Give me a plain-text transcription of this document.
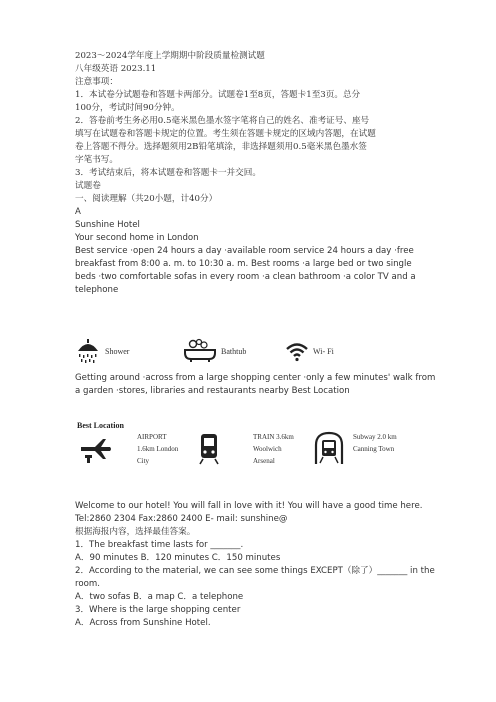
2023～2024学年度上学期期中阶段质量检测试题
八年级英语 2023.11
注意事项：
1．本试卷分试题卷和答题卡两部分。试题卷1至8页，答题卡1至3页。总分
100分，考试时间90分钟。
2．答卷前考生务必用0.5毫米黑色墨水签字笔将自己的姓名、准考证号、座号
填写在试题卷和答题卡规定的位置。考生须在答题卡规定的区域内答题，在试题
卷上答题不得分。选择题须用2B铅笔填涂，非选择题须用0.5毫米黑色墨水签
字笔书写。
3．考试结束后，将本试题卷和答题卡一并交回。
试题卷
一、阅读理解（共20小题，计40分）
A
Sunshine Hotel
Your second home in London
Best service ·open 24 hours a day ·available room service 24 hours a day ·free
breakfast from 8:00 a. m. to 10:30 a. m. Best rooms ·a large bed or two single
beds ·two comfortable sofas in every room ·a clean bathroom ·a color TV and a
telephone
Shower	Bathtub	Wi- Fi
Getting around ·across from a large shopping center ·only a few minutes' walk from
a garden ·stores, libraries and restaurants nearby Best Location
Best Location
AIRPORT
1.6km London
City
TRAIN 3.6km
Woolwich
Arsenal
Subway 2.0 km
Canning Town
Welcome to our hotel! You will fall in love with it! You will have a good time here.
Tel:2860 2304 Fax:2860 2400 E- mail: sunshine@
根据海报内容，选择最佳答案。
1．The breakfast time lasts for _______.
A．90 minutes B．120 minutes C．150 minutes
2．According to the material, we can see some things EXCEPT（除了）_______ in the
room.
A．two sofas B．a map C．a telephone
3．Where is the large shopping center
A．Across from Sunshine Hotel.
